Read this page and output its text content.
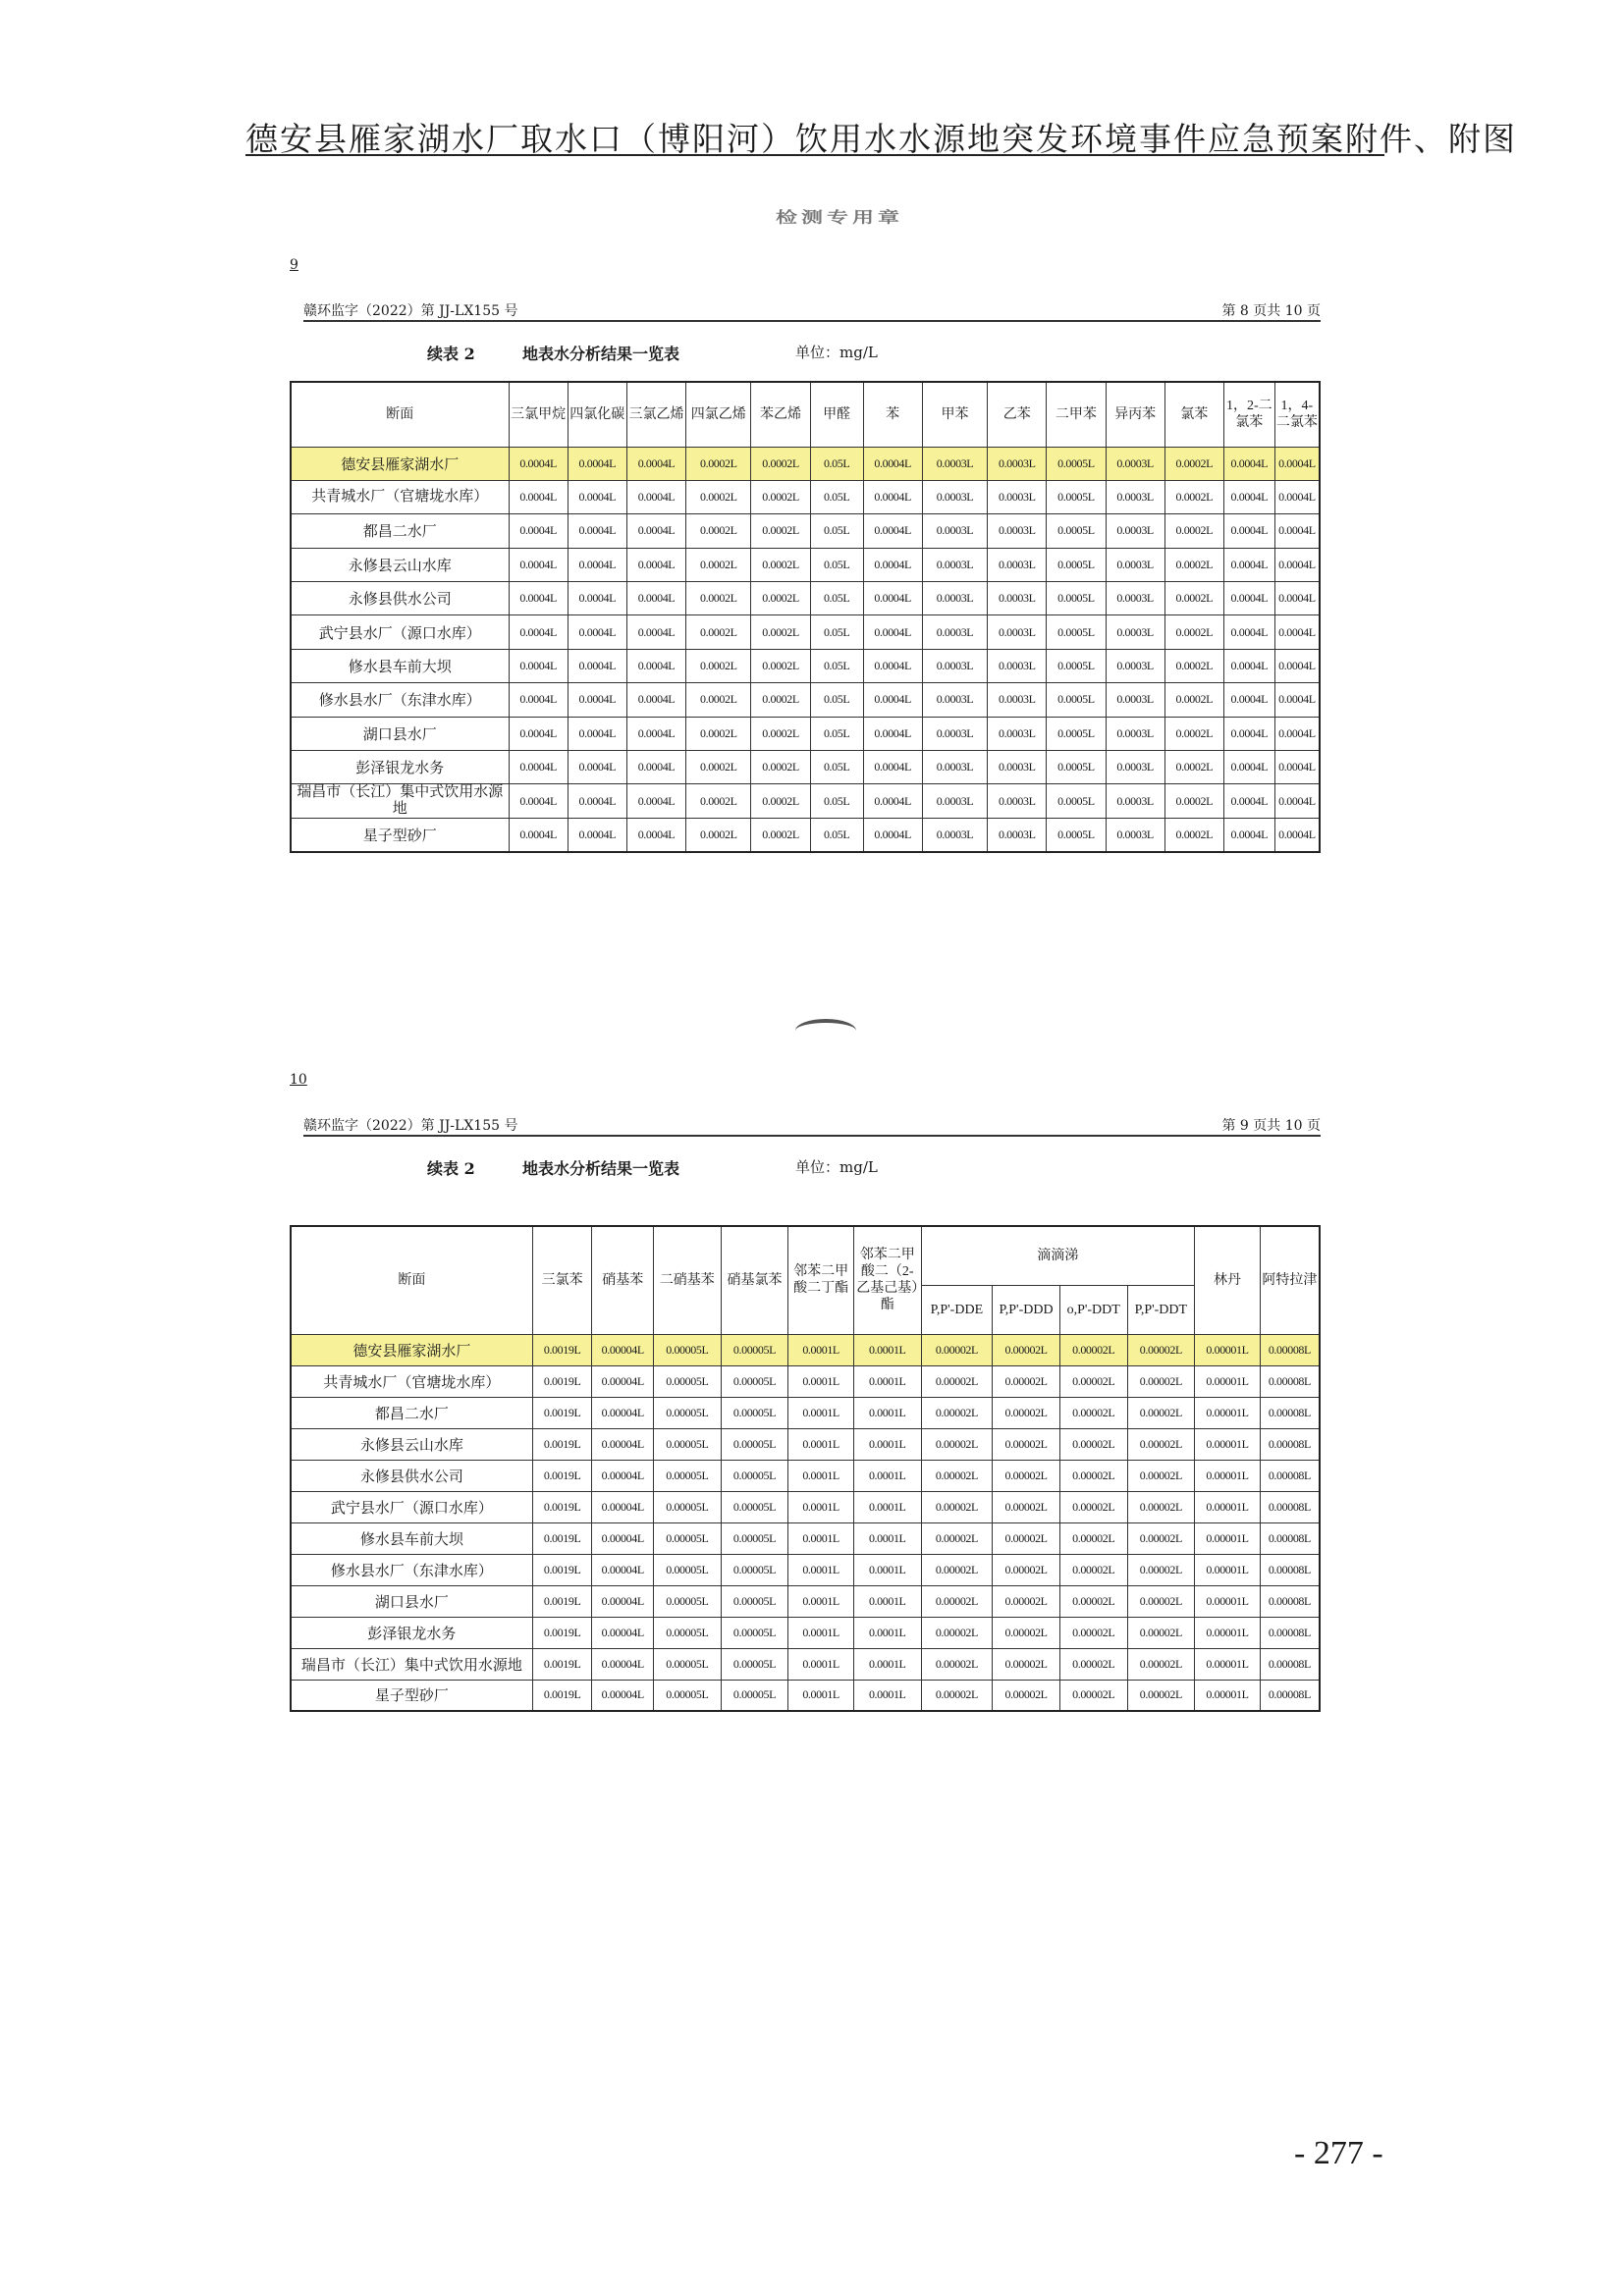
德安县雁家湖水厂取水口（博阳河）饮用水水源地突发环境事件应急预案附件、附图
检测专用章
9
赣环监字（2022）第 JJ-LX155 号	第 8 页共 10 页
续表 2	地表水分析结果一览表	单位：mg/L
断面	三氯甲烷	四氯化碳	三氯乙烯	四氯乙烯	苯乙烯	甲醛	苯	甲苯	乙苯	二甲苯	异丙苯	氯苯	1，2-二氯苯	1，4-二氯苯
德安县雁家湖水厂	0.0004L	0.0004L	0.0004L	0.0002L	0.0002L	0.05L	0.0004L	0.0003L	0.0003L	0.0005L	0.0003L	0.0002L	0.0004L	0.0004L
共青城水厂（官塘垅水库）	0.0004L	0.0004L	0.0004L	0.0002L	0.0002L	0.05L	0.0004L	0.0003L	0.0003L	0.0005L	0.0003L	0.0002L	0.0004L	0.0004L
都昌二水厂	0.0004L	0.0004L	0.0004L	0.0002L	0.0002L	0.05L	0.0004L	0.0003L	0.0003L	0.0005L	0.0003L	0.0002L	0.0004L	0.0004L
永修县云山水库	0.0004L	0.0004L	0.0004L	0.0002L	0.0002L	0.05L	0.0004L	0.0003L	0.0003L	0.0005L	0.0003L	0.0002L	0.0004L	0.0004L
永修县供水公司	0.0004L	0.0004L	0.0004L	0.0002L	0.0002L	0.05L	0.0004L	0.0003L	0.0003L	0.0005L	0.0003L	0.0002L	0.0004L	0.0004L
武宁县水厂（源口水库）	0.0004L	0.0004L	0.0004L	0.0002L	0.0002L	0.05L	0.0004L	0.0003L	0.0003L	0.0005L	0.0003L	0.0002L	0.0004L	0.0004L
修水县车前大坝	0.0004L	0.0004L	0.0004L	0.0002L	0.0002L	0.05L	0.0004L	0.0003L	0.0003L	0.0005L	0.0003L	0.0002L	0.0004L	0.0004L
修水县水厂（东津水库）	0.0004L	0.0004L	0.0004L	0.0002L	0.0002L	0.05L	0.0004L	0.0003L	0.0003L	0.0005L	0.0003L	0.0002L	0.0004L	0.0004L
湖口县水厂	0.0004L	0.0004L	0.0004L	0.0002L	0.0002L	0.05L	0.0004L	0.0003L	0.0003L	0.0005L	0.0003L	0.0002L	0.0004L	0.0004L
彭泽银龙水务	0.0004L	0.0004L	0.0004L	0.0002L	0.0002L	0.05L	0.0004L	0.0003L	0.0003L	0.0005L	0.0003L	0.0002L	0.0004L	0.0004L
瑞昌市（长江）集中式饮用水源地	0.0004L	0.0004L	0.0004L	0.0002L	0.0002L	0.05L	0.0004L	0.0003L	0.0003L	0.0005L	0.0003L	0.0002L	0.0004L	0.0004L
星子型砂厂	0.0004L	0.0004L	0.0004L	0.0002L	0.0002L	0.05L	0.0004L	0.0003L	0.0003L	0.0005L	0.0003L	0.0002L	0.0004L	0.0004L
10
赣环监字（2022）第 JJ-LX155 号	第 9 页共 10 页
续表 2	地表水分析结果一览表	单位：mg/L
断面	三氯苯	硝基苯	二硝基苯	硝基氯苯	邻苯二甲酸二丁酯	邻苯二甲酸二（2-乙基己基）酯	滴滴涕				林丹	阿特拉津
							P,P'-DDE	P,P'-DDD	o,P'-DDT	P,P'-DDT		
德安县雁家湖水厂	0.0019L	0.00004L	0.00005L	0.00005L	0.0001L	0.0001L	0.00002L	0.00002L	0.00002L	0.00002L	0.00001L	0.00008L
共青城水厂（官塘垅水库）	0.0019L	0.00004L	0.00005L	0.00005L	0.0001L	0.0001L	0.00002L	0.00002L	0.00002L	0.00002L	0.00001L	0.00008L
都昌二水厂	0.0019L	0.00004L	0.00005L	0.00005L	0.0001L	0.0001L	0.00002L	0.00002L	0.00002L	0.00002L	0.00001L	0.00008L
永修县云山水库	0.0019L	0.00004L	0.00005L	0.00005L	0.0001L	0.0001L	0.00002L	0.00002L	0.00002L	0.00002L	0.00001L	0.00008L
永修县供水公司	0.0019L	0.00004L	0.00005L	0.00005L	0.0001L	0.0001L	0.00002L	0.00002L	0.00002L	0.00002L	0.00001L	0.00008L
武宁县水厂（源口水库）	0.0019L	0.00004L	0.00005L	0.00005L	0.0001L	0.0001L	0.00002L	0.00002L	0.00002L	0.00002L	0.00001L	0.00008L
修水县车前大坝	0.0019L	0.00004L	0.00005L	0.00005L	0.0001L	0.0001L	0.00002L	0.00002L	0.00002L	0.00002L	0.00001L	0.00008L
修水县水厂（东津水库）	0.0019L	0.00004L	0.00005L	0.00005L	0.0001L	0.0001L	0.00002L	0.00002L	0.00002L	0.00002L	0.00001L	0.00008L
湖口县水厂	0.0019L	0.00004L	0.00005L	0.00005L	0.0001L	0.0001L	0.00002L	0.00002L	0.00002L	0.00002L	0.00001L	0.00008L
彭泽银龙水务	0.0019L	0.00004L	0.00005L	0.00005L	0.0001L	0.0001L	0.00002L	0.00002L	0.00002L	0.00002L	0.00001L	0.00008L
瑞昌市（长江）集中式饮用水源地	0.0019L	0.00004L	0.00005L	0.00005L	0.0001L	0.0001L	0.00002L	0.00002L	0.00002L	0.00002L	0.00001L	0.00008L
星子型砂厂	0.0019L	0.00004L	0.00005L	0.00005L	0.0001L	0.0001L	0.00002L	0.00002L	0.00002L	0.00002L	0.00001L	0.00008L
- 277 -
